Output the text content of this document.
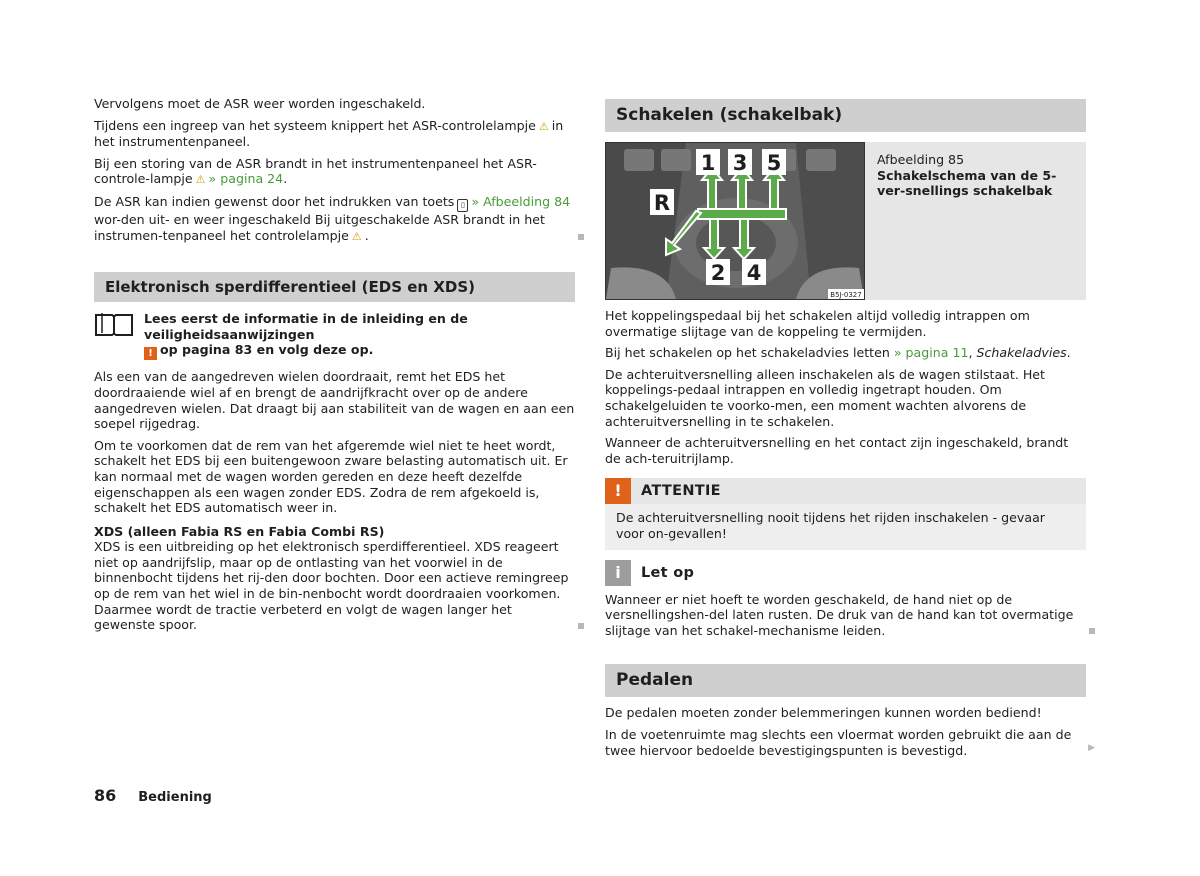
Vervolgens moet de ASR weer worden ingeschakeld.

Tijdens een ingreep van het systeem knippert het ASR-controlelampje ⚠ in het instrumentenpaneel.

Bij een storing van de ASR brandt in het instrumentenpaneel het ASR-controle-lampje ⚠ » pagina 24.

De ASR kan indien gewenst door het indrukken van toets ▯ » Afbeelding 84 wor-den uit- en weer ingeschakeld Bij uitgeschakelde ASR brandt in het instrumen-tenpaneel het controlelampje ⚠ .

Elektronisch sperdifferentieel (EDS en XDS)
Lees eerst de informatie in de inleiding en de veiligheidsaanwijzingen
! op pagina 83 en volg deze op.

Als een van de aangedreven wielen doordraait, remt het EDS het doordraaiende wiel af en brengt de aandrijfkracht over op de andere aangedreven wielen. Dat draagt bij aan stabiliteit van de wagen en aan een soepel rijgedrag.

Om te voorkomen dat de rem van het afgeremde wiel niet te heet wordt, schakelt het EDS bij een buitengewoon zware belasting automatisch uit. Er kan normaal met de wagen worden gereden en deze heeft dezelfde eigenschappen als een wagen zonder EDS. Zodra de rem afgekoeld is, schakelt het EDS automatisch weer in.

XDS (alleen Fabia RS en Fabia Combi RS)

XDS is een uitbreiding op het elektronisch sperdifferentieel. XDS reageert niet op aandrijfslip, maar op de ontlasting van het voorwiel in de binnenbocht tijdens het rij-den door bochten. Door een actieve remingreep op de rem van het wiel in de bin-nenbocht wordt doordraaien voorkomen. Daarmee wordt de tractie verbeterd en volgt de wagen langer het gewenste spoor.

Schakelen (schakelbak)
1 3 5
R
2 4
B5J-0327
Afbeelding 85
Schakelschema van de 5-ver-snellings schakelbak

Het koppelingspedaal bij het schakelen altijd volledig intrappen om overmatige slijtage van de koppeling te vermijden.

Bij het schakelen op het schakeladvies letten » pagina 11, Schakeladvies.

De achteruitversnelling alleen inschakelen als de wagen stilstaat. Het koppelings-pedaal intrappen en volledig ingetrapt houden. Om schakelgeluiden te voorko-men, een moment wachten alvorens de achteruitversnelling in te schakelen.

Wanneer de achteruitversnelling en het contact zijn ingeschakeld, brandt de ach-teruitrijlamp.

!	ATTENTIE
De achteruitversnelling nooit tijdens het rijden inschakelen - gevaar voor on-gevallen!
i	Let op

Wanneer er niet hoeft te worden geschakeld, de hand niet op de versnellingshen-del laten rusten. De druk van de hand kan tot overmatige slijtage van het schakel-mechanisme leiden.

Pedalen

De pedalen moeten zonder belemmeringen kunnen worden bediend!

In de voetenruimte mag slechts een vloermat worden gebruikt die aan de twee hiervoor bedoelde bevestigingspunten is bevestigd.	▶

86 Bediening
